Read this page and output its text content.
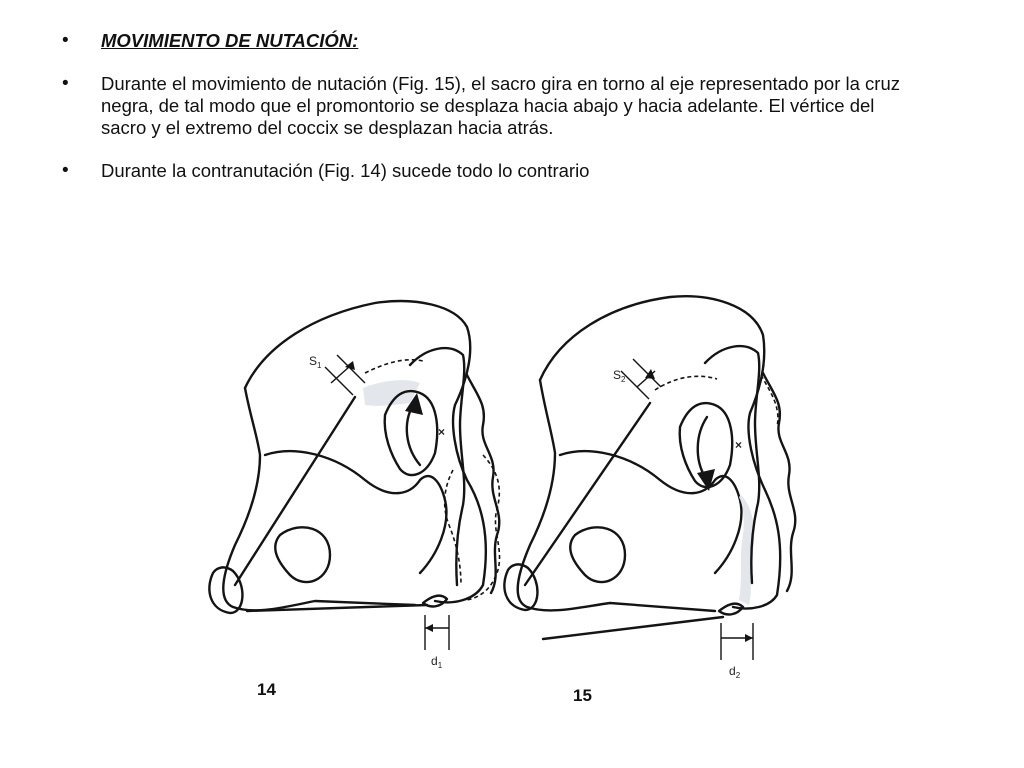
•	MOVIMIENTO DE NUTACIÓN:
•	Durante el movimiento de nutación (Fig. 15), el sacro gira en torno al eje representado por la cruz negra, de tal modo que el promontorio se desplaza hacia abajo y hacia adelante. El vértice del sacro y el extremo del coccix se desplazan hacia atrás.
•	Durante la contranutación (Fig. 14) sucede todo lo contrario
$S_1$
$d_1$
×
14
$S_2$
$d_2$
×
15
